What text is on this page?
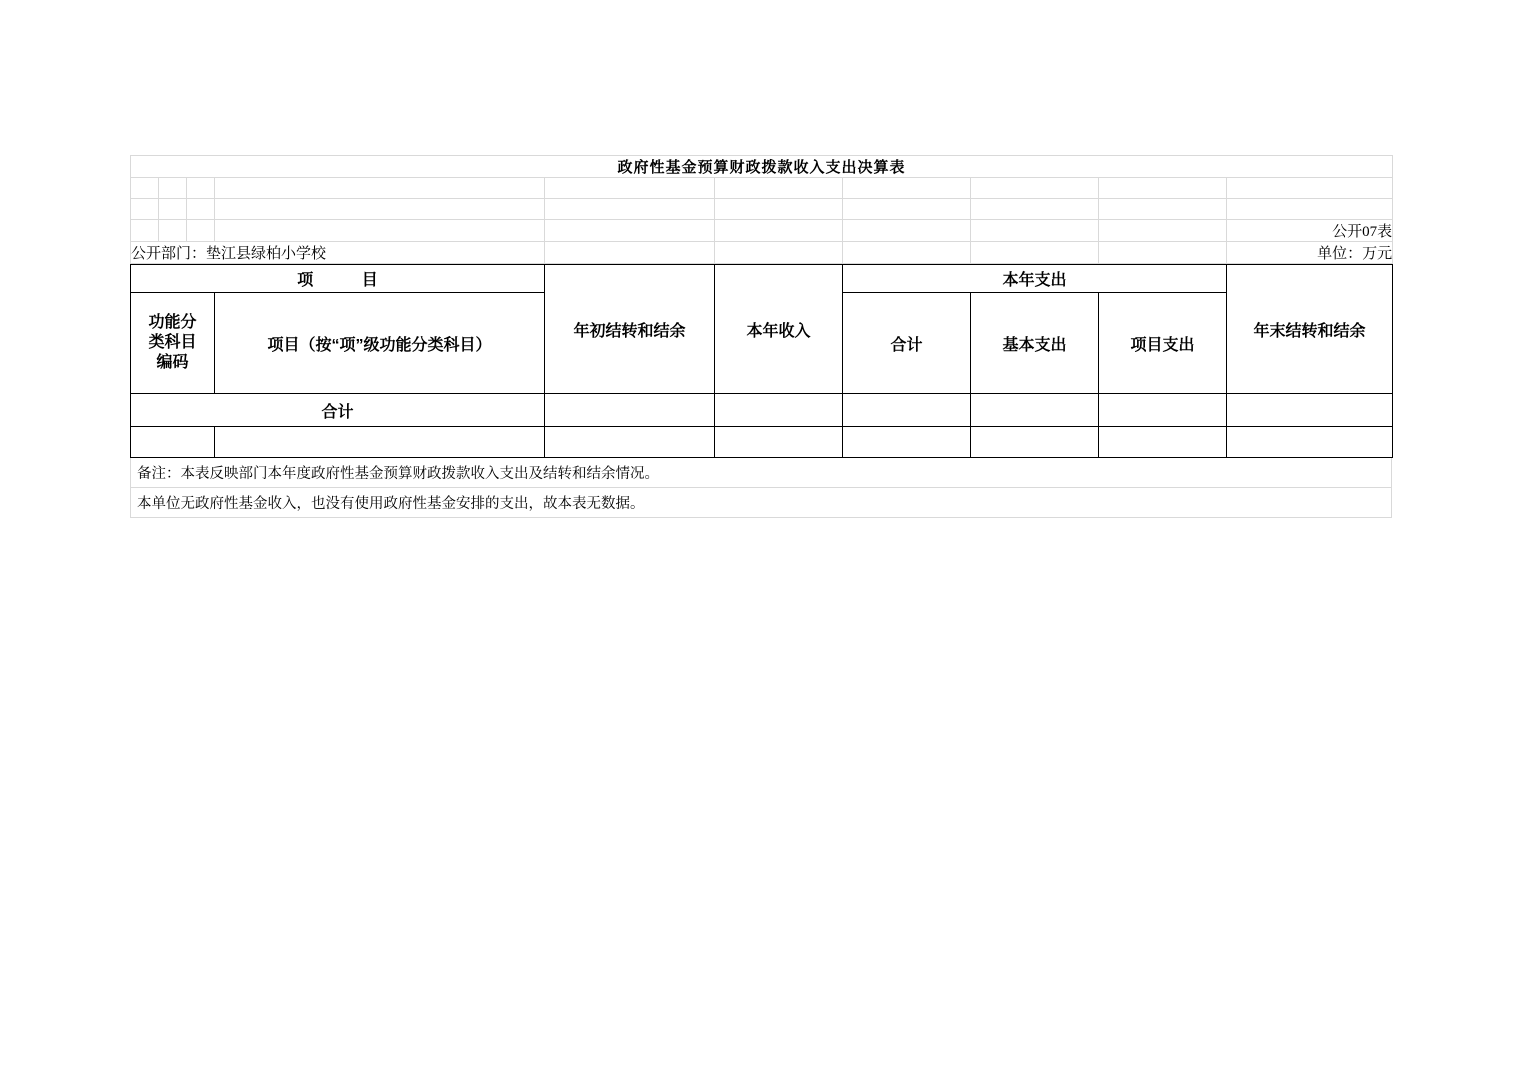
政府性基金预算财政拨款收入支出决算表									

									公开07表
公开部门：垫江县绿柏小学校									单位：万元
项 目		年初结转和结余	本年收入	本年支出			年末结转和结余
功能分
类科目
编码	项目（按“项”级功能分类科目）			合计	基本支出	项目支出	
合计							

备注：本表反映部门本年度政府性基金预算财政拨款收入支出及结转和结余情况。
本单位无政府性基金收入，也没有使用政府性基金安排的支出，故本表无数据。
